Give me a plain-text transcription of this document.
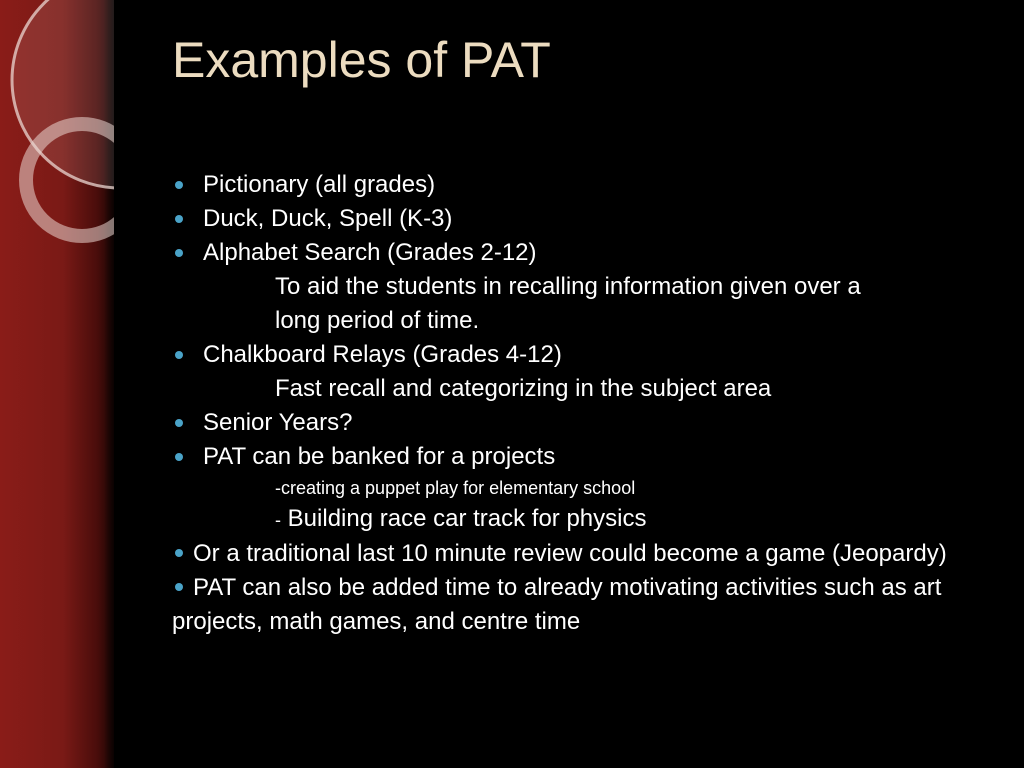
Examples of PAT
Pictionary (all grades)
Duck, Duck, Spell (K-3)
Alphabet Search (Grades 2-12)
To aid the students in recalling information given over a
long period of time.
Chalkboard Relays (Grades 4-12)
Fast recall and categorizing in the subject area
Senior Years?
PAT can be banked for a projects
-creating a puppet play for elementary school
- Building race car track for physics
Or a traditional last 10 minute review could become a game (Jeopardy)
PAT can also be added time to already motivating activities such as art projects, math games, and centre time
